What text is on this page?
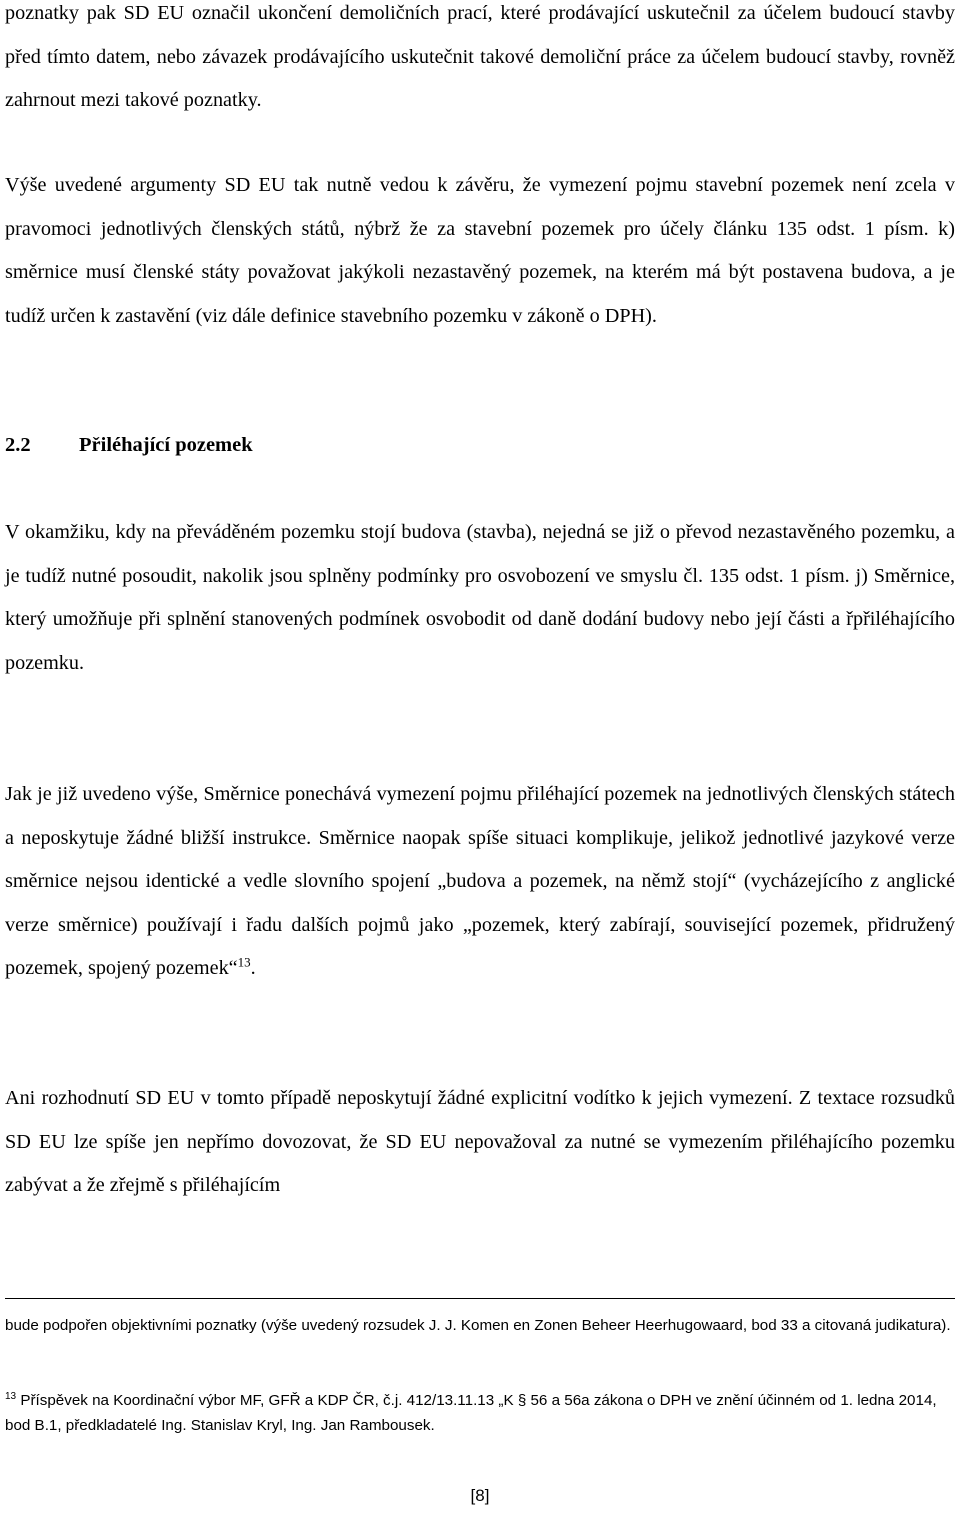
poznatky pak SD EU označil ukončení demoličních prací, které prodávající uskutečnil za účelem budoucí stavby před tímto datem, nebo závazek prodávajícího uskutečnit takové demoliční práce za účelem budoucí stavby, rovněž zahrnout mezi takové poznatky.

Výše uvedené argumenty SD EU tak nutně vedou k závěru, že vymezení pojmu stavební pozemek není zcela v pravomoci jednotlivých členských států, nýbrž že za stavební pozemek pro účely článku 135 odst. 1 písm. k) směrnice musí členské státy považovat jakýkoli nezastavěný pozemek, na kterém má být postavena budova, a je tudíž určen k zastavění (viz dále definice stavebního pozemku v zákoně o DPH).

2.2 Přiléhající pozemek

V okamžiku, kdy na převáděném pozemku stojí budova (stavba), nejedná se již o převod nezastavěného pozemku, a je tudíž nutné posoudit, nakolik jsou splněny podmínky pro osvobození ve smyslu čl. 135 odst. 1 písm. j) Směrnice, který umožňuje při splnění stanovených podmínek osvobodit od daně dodání budovy nebo její části a řpřiléhajícího pozemku.

Jak je již uvedeno výše, Směrnice ponechává vymezení pojmu přiléhající pozemek na jednotlivých členských státech a neposkytuje žádné bližší instrukce. Směrnice naopak spíše situaci komplikuje, jelikož jednotlivé jazykové verze směrnice nejsou identické a vedle slovního spojení „budova a pozemek, na němž stojí“ (vycházejícího z anglické verze směrnice) používají i řadu dalších pojmů jako „pozemek, který zabírají, související pozemek, přidružený pozemek, spojený pozemek“$^{13}$.

Ani rozhodnutí SD EU v tomto případě neposkytují žádné explicitní vodítko k jejich vymezení. Z textace rozsudků SD EU lze spíše jen nepřímo dovozovat, že SD EU nepovažoval za nutné se vymezením přiléhajícího pozemku zabývat a že zřejmě s přiléhajícím

bude podpořen objektivními poznatky (výše uvedený rozsudek J. J. Komen en Zonen Beheer Heerhugowaard, bod 33 a citovaná judikatura).

$^{13}$ Příspěvek na Koordinační výbor MF, GFŘ a KDP ČR, č.j. 412/13.11.13 „K § 56 a 56a zákona o DPH ve znění účinném od 1. ledna 2014, bod B.1, předkladatelé Ing. Stanislav Kryl, Ing. Jan Rambousek.

[8]
